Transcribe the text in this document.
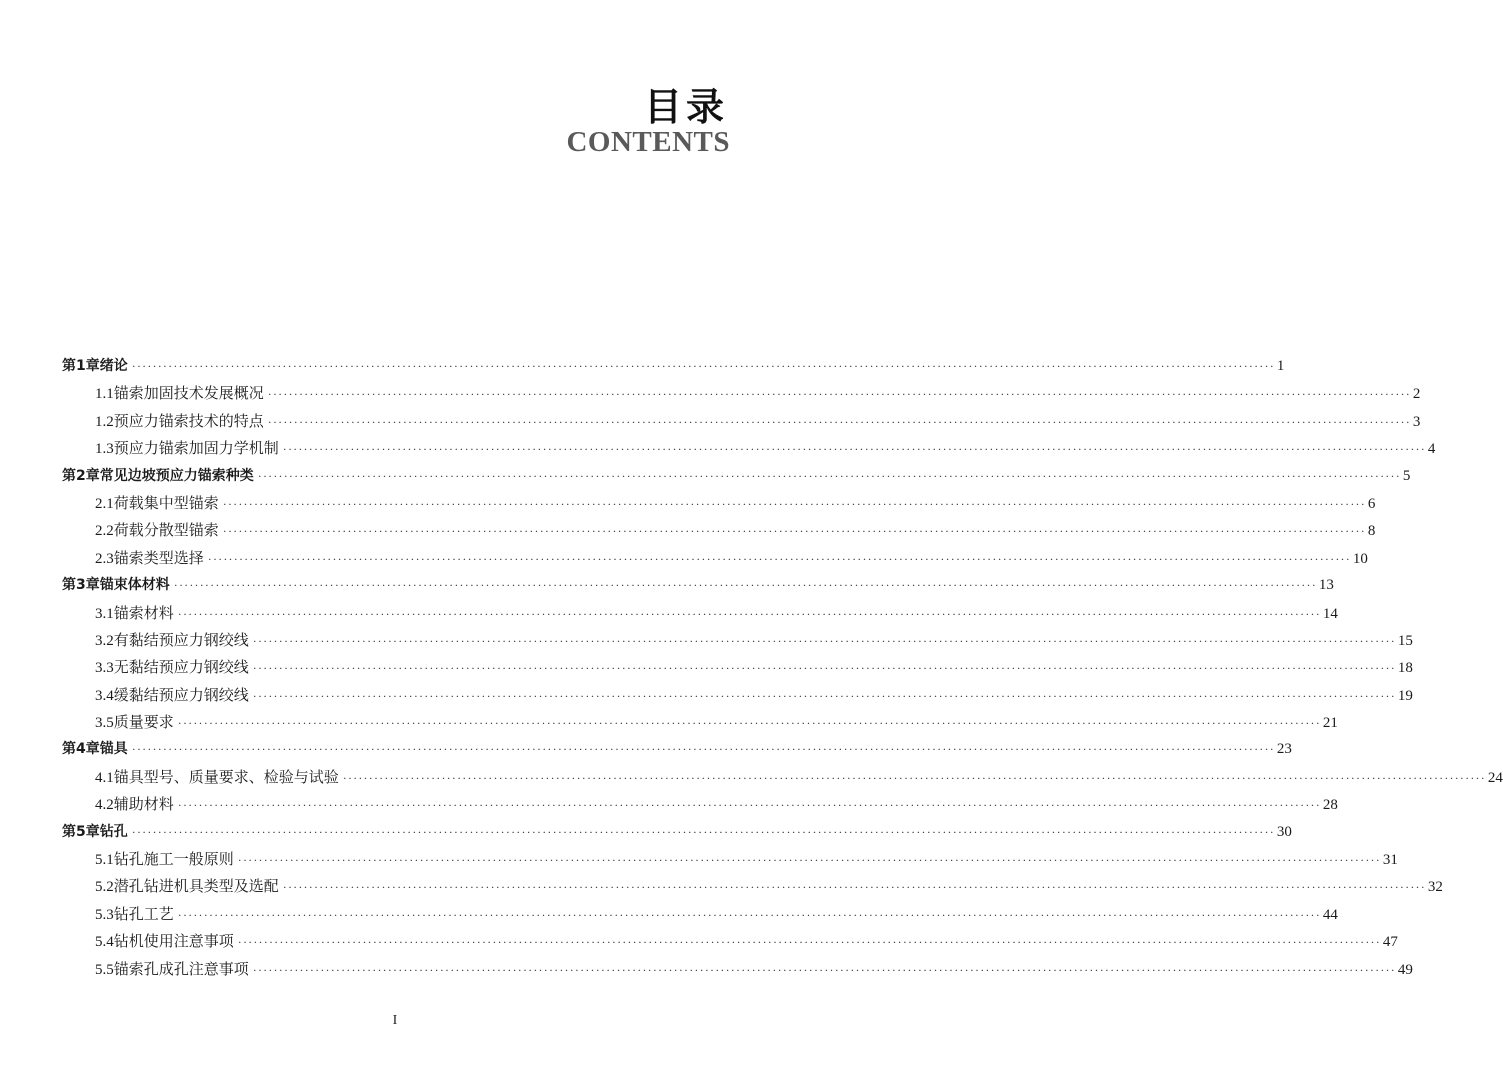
目录
CONTENTS
第1章 绪论 ···························································································································································································································· 1
1.1 锚索加固技术发展概况 ···························································································································································································································· 2
1.2 预应力锚索技术的特点 ···························································································································································································································· 3
1.3 预应力锚索加固力学机制 ···························································································································································································································· 4
第2章 常见边坡预应力锚索种类 ···························································································································································································································· 5
2.1 荷载集中型锚索 ···························································································································································································································· 6
2.2 荷载分散型锚索 ···························································································································································································································· 8
2.3 锚索类型选择 ···························································································································································································································· 10
第3章 锚束体材料 ···························································································································································································································· 13
3.1 锚索材料 ···························································································································································································································· 14
3.2 有黏结预应力钢绞线 ···························································································································································································································· 15
3.3 无黏结预应力钢绞线 ···························································································································································································································· 18
3.4 缓黏结预应力钢绞线 ···························································································································································································································· 19
3.5 质量要求 ···························································································································································································································· 21
第4章 锚具 ···························································································································································································································· 23
4.1 锚具型号、质量要求、检验与试验 ···························································································································································································································· 24
4.2 辅助材料 ···························································································································································································································· 28
第5章 钻孔 ···························································································································································································································· 30
5.1 钻孔施工一般原则 ···························································································································································································································· 31
5.2 潜孔钻进机具类型及选配 ···························································································································································································································· 32
5.3 钻孔工艺 ···························································································································································································································· 44
5.4 钻机使用注意事项 ···························································································································································································································· 47
5.5 锚索孔成孔注意事项 ···························································································································································································································· 49
I
